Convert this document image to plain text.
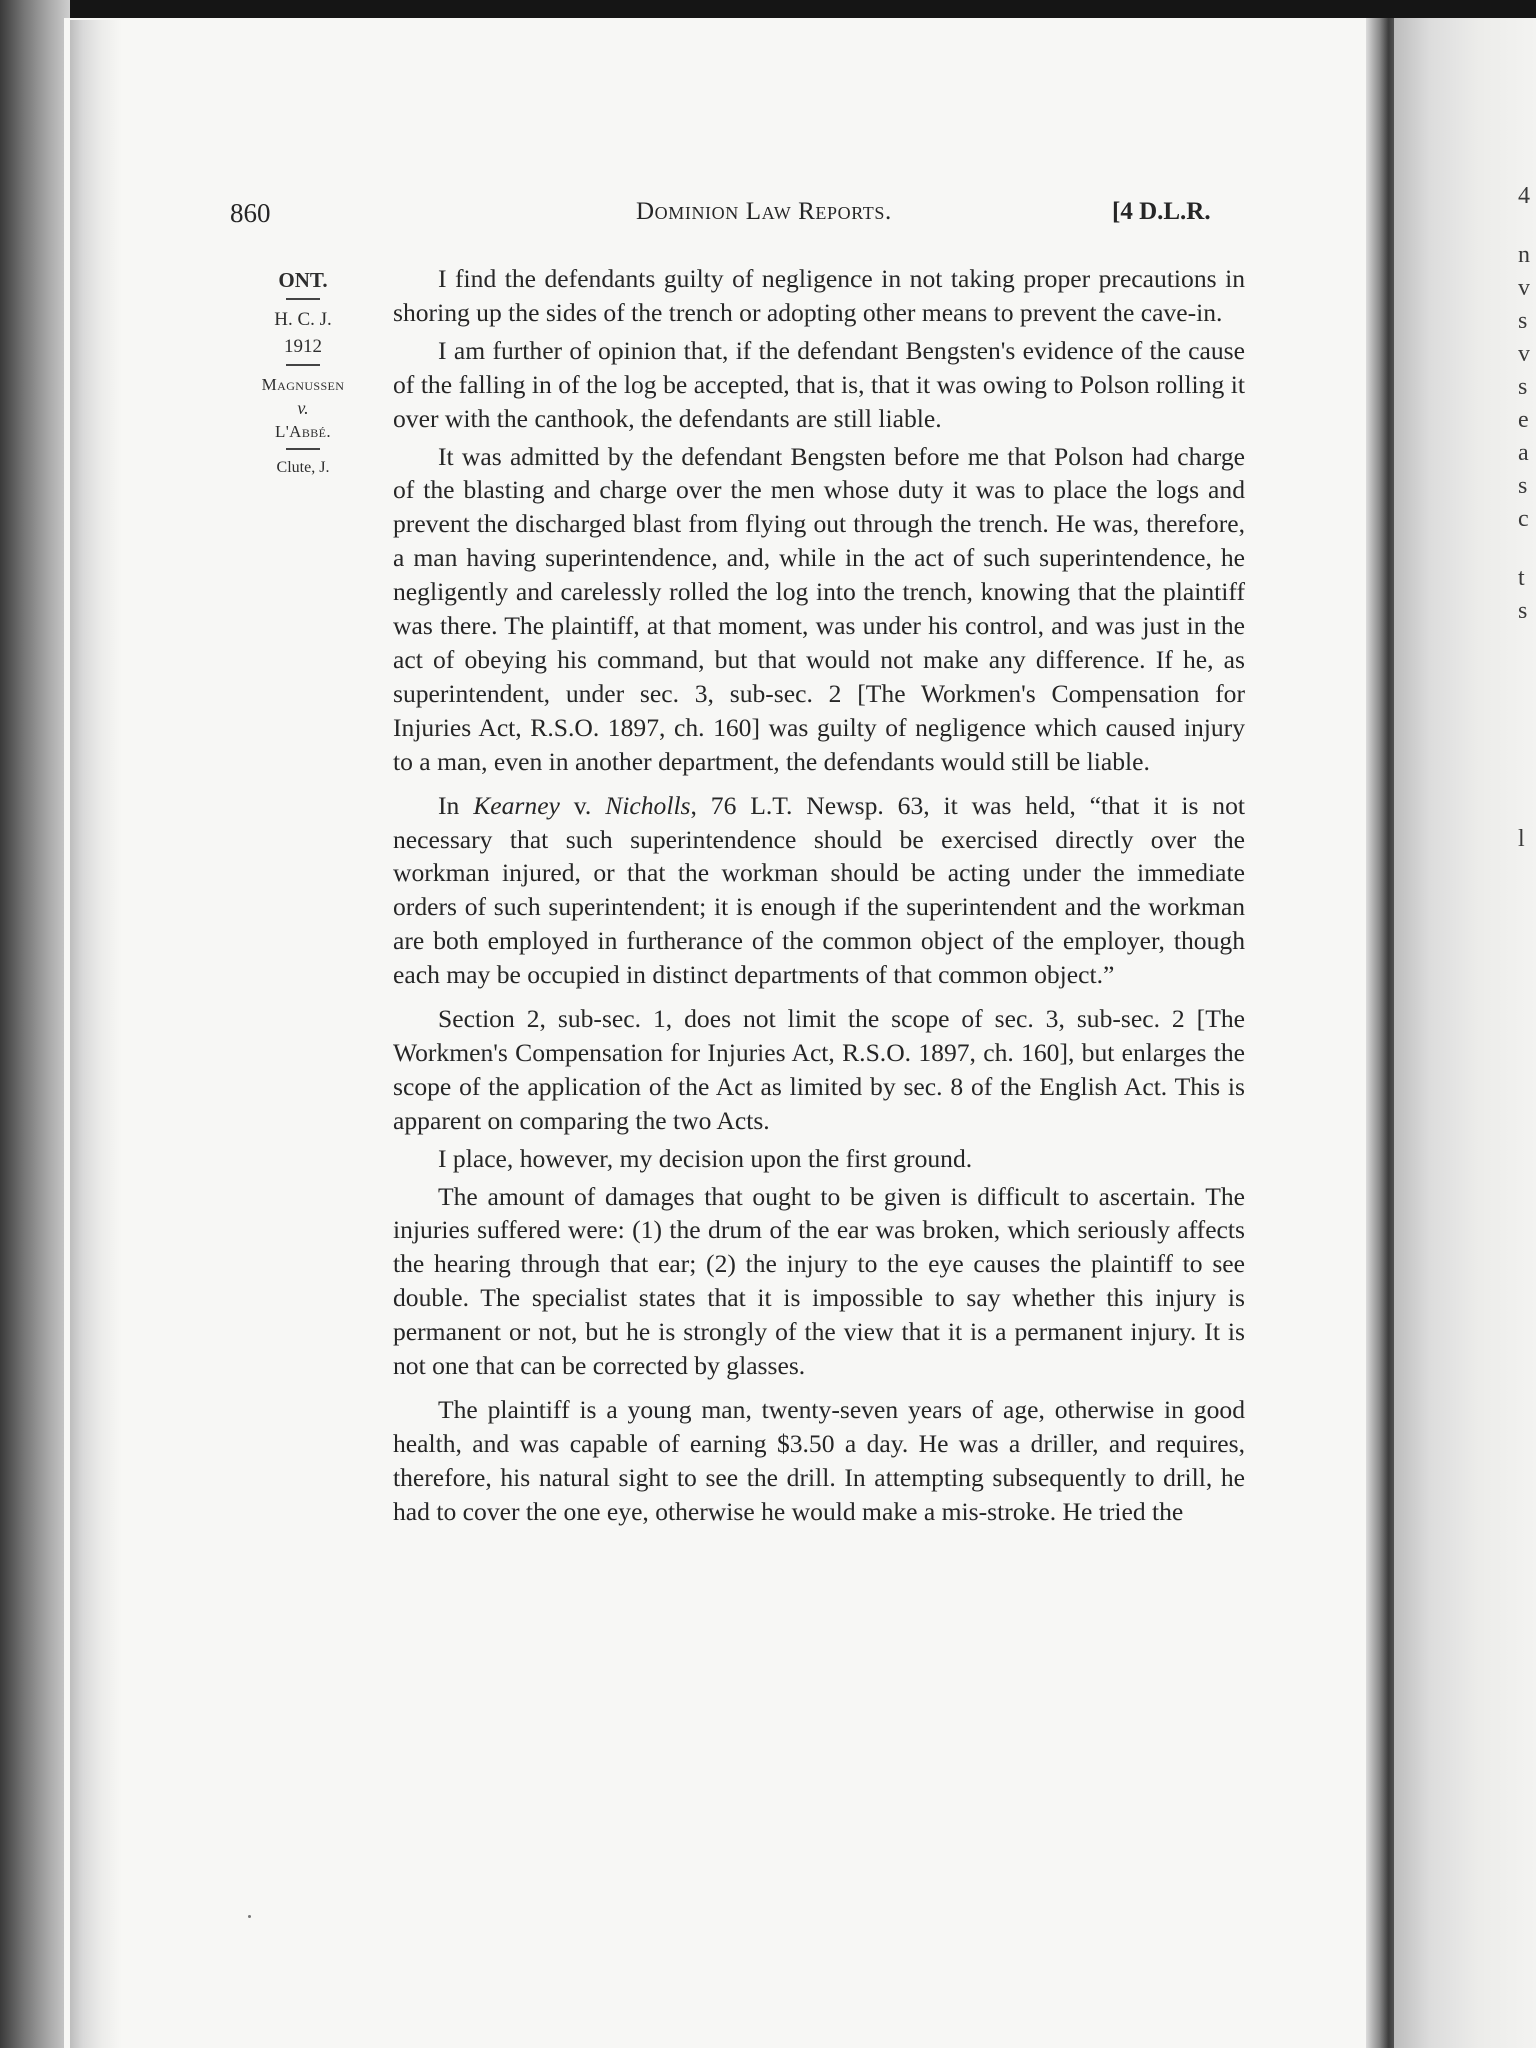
4
n
v
s
v
s
e
a
s
c
t
s
l
860	Dominion Law Reports.	[4 D.L.R.
ONT.
H. C. J.
1912
Magnussen
v.
L'Abbé.
Clute, J.

I find the defendants guilty of negligence in not taking proper precautions in shoring up the sides of the trench or adopting other means to prevent the cave-in.

I am further of opinion that, if the defendant Bengsten's evidence of the cause of the falling in of the log be accepted, that is, that it was owing to Polson rolling it over with the canthook, the defendants are still liable.

It was admitted by the defendant Bengsten before me that Polson had charge of the blasting and charge over the men whose duty it was to place the logs and prevent the discharged blast from flying out through the trench. He was, therefore, a man having superintendence, and, while in the act of such superintendence, he negligently and carelessly rolled the log into the trench, knowing that the plaintiff was there. The plaintiff, at that moment, was under his control, and was just in the act of obeying his command, but that would not make any difference. If he, as superintendent, under sec. 3, sub-sec. 2 [The Workmen's Compensation for Injuries Act, R.S.O. 1897, ch. 160] was guilty of negligence which caused injury to a man, even in another department, the defendants would still be liable.

In Kearney v. Nicholls, 76 L.T. Newsp. 63, it was held, “that it is not necessary that such superintendence should be exercised directly over the workman injured, or that the workman should be acting under the immediate orders of such superintendent; it is enough if the superintendent and the workman are both employed in furtherance of the common object of the employer, though each may be occupied in distinct departments of that common object.”

Section 2, sub-sec. 1, does not limit the scope of sec. 3, sub-sec. 2 [The Workmen's Compensation for Injuries Act, R.S.O. 1897, ch. 160], but enlarges the scope of the application of the Act as limited by sec. 8 of the English Act. This is apparent on comparing the two Acts.

I place, however, my decision upon the first ground.

The amount of damages that ought to be given is difficult to ascertain. The injuries suffered were: (1) the drum of the ear was broken, which seriously affects the hearing through that ear; (2) the injury to the eye causes the plaintiff to see double. The specialist states that it is impossible to say whether this injury is permanent or not, but he is strongly of the view that it is a permanent injury. It is not one that can be corrected by glasses.

The plaintiff is a young man, twenty-seven years of age, otherwise in good health, and was capable of earning $3.50 a day. He was a driller, and requires, therefore, his natural sight to see the drill. In attempting subsequently to drill, he had to cover the one eye, otherwise he would make a mis-stroke. He tried the
